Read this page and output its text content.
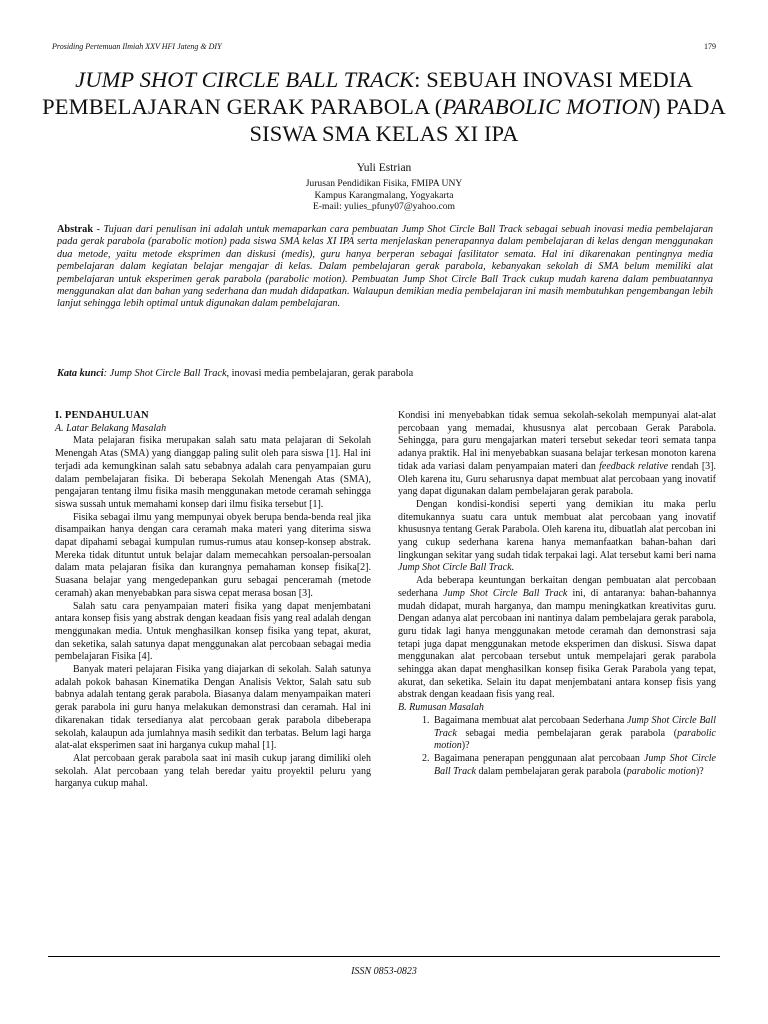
Prosiding Pertemuan Ilmiah XXV HFI Jateng & DIY	179
JUMP SHOT CIRCLE BALL TRACK: SEBUAH INOVASI MEDIA PEMBELAJARAN GERAK PARABOLA (PARABOLIC MOTION) PADA SISWA SMA KELAS XI IPA
Yuli Estrian
Jurusan Pendidikan Fisika, FMIPA UNY
Kampus Karangmalang, Yogyakarta
E-mail: yulies_pfuny07@yahoo.com
Abstrak - Tujuan dari penulisan ini adalah untuk memaparkan cara pembuatan Jump Shot Circle Ball Track sebagai sebuah inovasi media pembelajaran pada gerak parabola (parabolic motion) pada siswa SMA kelas XI IPA serta menjelaskan penerapannya dalam pembelajaran di kelas dengan menggunakan dua metode, yaitu metode eksprimen dan diskusi (medis), guru hanya berperan sebagai fasilitator semata. Hal ini dikarenakan pentingnya media pembelajaran dalam kegiatan belajar mengajar di kelas. Dalam pembelajaran gerak parabola, kebanyakan sekolah di SMA belum memiliki alat pembelajaran untuk eksperimen gerak parabola (parabolic motion). Pembuatan Jump Shot Circle Ball Track cukup mudah karena dalam pembuatannya menggunakan alat dan bahan yang sederhana dan mudah didapatkan. Walaupun demikian media pembelajaran ini masih membutuhkan pengembangan lebih lanjut sehingga lebih optimal untuk digunakan dalam pembelajaran.
Kata kunci: Jump Shot Circle Ball Track, inovasi media pembelajaran, gerak parabola

I. PENDAHULUAN

A. Latar Belakang Masalah

Mata pelajaran fisika merupakan salah satu mata pelajaran di Sekolah Menengah Atas (SMA) yang dianggap paling sulit oleh para siswa [1]. Hal ini terjadi ada kemungkinan salah satu sebabnya adalah cara penyampaian guru dalam pembelajaran fisika. Di beberapa Sekolah Menengah Atas (SMA), pengajaran tentang ilmu fisika masih menggunakan metode ceramah sehingga siswa sussah untuk memahami konsep dari ilmu fisika tersebut [1].

Fisika sebagai ilmu yang mempunyai obyek berupa benda-benda real jika disampaikan hanya dengan cara ceramah maka materi yang diterima siswa dapat dipahami sebagai kumpulan rumus-rumus atau konsep-konsep abstrak. Mereka tidak dituntut untuk belajar dalam memecahkan persoalan-persoalan dalam mata pelajaran fisika dan kurangnya pemahaman konsep fisika[2]. Suasana belajar yang mengedepankan guru sebagai penceramah (metode ceramah) akan menyebabkan para siswa cepat merasa bosan [3].

Salah satu cara penyampaian materi fisika yang dapat menjembatani antara konsep fisis yang abstrak dengan keadaan fisis yang real adalah dengan menggunakan media. Untuk menghasilkan konsep fisika yang tepat, akurat, dan seketika, salah satunya dapat menggunakan alat percobaan sebagai media pembelajaran Fisika [4].

Banyak materi pelajaran Fisika yang diajarkan di sekolah. Salah satunya adalah pokok bahasan Kinematika Dengan Analisis Vektor, Salah satu sub babnya adalah tentang gerak parabola. Biasanya dalam menyampaikan materi gerak parabola ini guru hanya melakukan demonstrasi dan ceramah. Hal ini dikarenakan tidak tersedianya alat percobaan gerak parabola dibeberapa sekolah, kalaupun ada jumlahnya masih sedikit dan terbatas. Belum lagi harga alat-alat eksperimen saat ini harganya cukup mahal [1].

Alat percobaan gerak parabola saat ini masih cukup jarang dimiliki oleh sekolah. Alat percobaan yang telah beredar yaitu proyektil peluru yang harganya cukup mahal.

Kondisi ini menyebabkan tidak semua sekolah-sekolah mempunyai alat-alat percobaan yang memadai, khususnya alat percobaan Gerak Parabola. Sehingga, para guru mengajarkan materi tersebut sekedar teori semata tanpa adanya praktik. Hal ini menyebabkan suasana belajar terkesan monoton karena tidak ada variasi dalam penyampaian materi dan feedback relative rendah [3]. Oleh karena itu, Guru seharusnya dapat membuat alat percobaan yang inovatif yang dapat digunakan dalam pembelajaran gerak parabola.

Dengan kondisi-kondisi seperti yang demikian itu maka perlu ditemukannya suatu cara untuk membuat alat percobaan yang inovatif khususnya tentang Gerak Parabola. Oleh karena itu, dibuatlah alat percoban ini yang cukup sederhana karena hanya memanfaatkan bahan-bahan dari lingkungan sekitar yang sudah tidak terpakai lagi. Alat tersebut kami beri nama Jump Shot Circle Ball Track.

Ada beberapa keuntungan berkaitan dengan pembuatan alat percobaan sederhana Jump Shot Circle Ball Track ini, di antaranya: bahan-bahannya mudah didapat, murah harganya, dan mampu meningkatkan kreativitas guru. Dengan adanya alat percobaan ini nantinya dalam pembelajara gerak parabola, guru tidak lagi hanya menggunakan metode ceramah dan demonstrasi saja tetapi juga dapat menggunakan metode eksperimen dan diskusi. Siswa dapat menggunakan alat percobaan tersebut untuk mempelajari gerak parabola sehingga akan dapat menghasilkan konsep fisika Gerak Parabola yang tepat, akurat, dan seketika. Selain itu dapat menjembatani antara konsep fisis yang abstrak dengan keadaan fisis yang real.

B. Rumusan Masalah

1. Bagaimana membuat alat percobaan Sederhana Jump Shot Circle Ball Track sebagai media pembelajaran gerak parabola (parabolic motion)?
2. Bagaimana penerapan penggunaan alat percobaan Jump Shot Circle Ball Track dalam pembelajaran gerak parabola (parabolic motion)?
ISSN 0853-0823
